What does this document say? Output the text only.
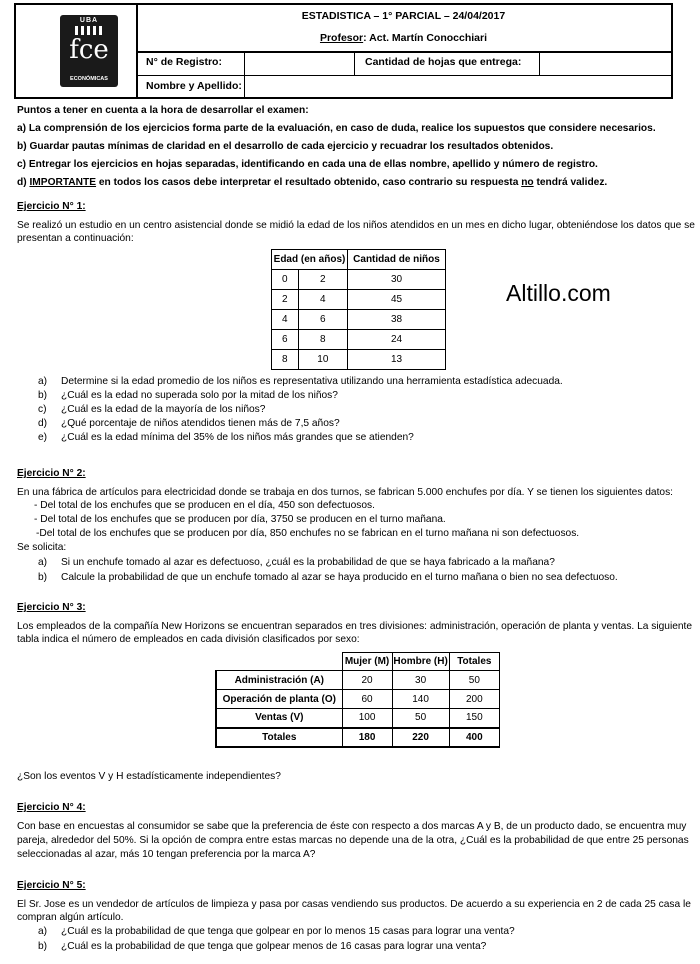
UBA
fce
ECONÓMICAS
ESTADISTICA – 1° PARCIAL – 24/04/2017
Profesor: Act. Martín Conocchiari
N° de Registro:	Cantidad de hojas que entrega:
Nombre y Apellido:
Puntos a tener en cuenta a la hora de desarrollar el examen:
a) La comprensión de los ejercicios forma parte de la evaluación, en caso de duda, realice los supuestos que considere necesarios.
b) Guardar pautas mínimas de claridad en el desarrollo de cada ejercicio y recuadrar los resultados obtenidos.
c) Entregar los ejercicios en hojas separadas, identificando en cada una de ellas nombre, apellido y número de registro.
d) IMPORTANTE en todos los casos debe interpretar el resultado obtenido, caso contrario su respuesta no tendrá validez.
Ejercicio N° 1:
Se realizó un estudio en un centro asistencial donde se midió la edad de los niños atendidos en un mes en dicho lugar, obteniéndose los datos que se
presentan a continuación:
Edad (en años)		Cantidad de niños
0	2	30
2	4	45
4	6	38
6	8	24
8	10	13
a) Determine si la edad promedio de los niños es representativa utilizando una herramienta estadística adecuada.
b) ¿Cuál es la edad no superada solo por la mitad de los niños?
c) ¿Cuál es la edad de la mayoría de los niños?
d) ¿Qué porcentaje de niños atendidos tienen más de 7,5 años?
e) ¿Cuál es la edad mínima del 35% de los niños más grandes que se atienden?
Altillo.com
Ejercicio N° 2:
En una fábrica de artículos para electricidad donde se trabaja en dos turnos, se fabrican 5.000 enchufes por día. Y se tienen los siguientes datos:
- Del total de los enchufes que se producen en el día, 450 son defectuosos.
- Del total de los enchufes que se producen por día, 3750 se producen en el turno mañana.
-Del total de los enchufes que se producen por día, 850 enchufes no se fabrican en el turno mañana ni son defectuosos.
Se solicita:
a) Si un enchufe tomado al azar es defectuoso, ¿cuál es la probabilidad de que se haya fabricado a la mañana?
b) Calcule la probabilidad de que un enchufe tomado al azar se haya producido en el turno mañana o bien no sea defectuoso.
Ejercicio N° 3:
Los empleados de la compañía New Horizons se encuentran separados en tres divisiones: administración, operación de planta y ventas. La siguiente
tabla indica el número de empleados en cada división clasificados por sexo:
	Mujer (M)	Hombre (H)	Totales
Administración (A)	20	30	50
Operación de planta (O)	60	140	200
Ventas (V)	100	50	150
Totales	180	220	400
¿Son los eventos V y H estadísticamente independientes?
Ejercicio N° 4:
Con base en encuestas al consumidor se sabe que la preferencia de éste con respecto a dos marcas A y B, de un producto dado, se encuentra muy
pareja, alrededor del 50%. Si la opción de compra entre estas marcas no depende una de la otra, ¿Cuál es la probabilidad de que entre 25 personas
seleccionadas al azar, más 10 tengan preferencia por la marca A?
Ejercicio N° 5:
El Sr. Jose es un vendedor de artículos de limpieza y pasa por casas vendiendo sus productos. De acuerdo a su experiencia en 2 de cada 25 casa le
compran algún artículo.
a) ¿Cuál es la probabilidad de que tenga que golpear en por lo menos 15 casas para lograr una venta?
b) ¿Cuál es la probabilidad de que tenga que golpear menos de 16 casas para lograr una venta?
